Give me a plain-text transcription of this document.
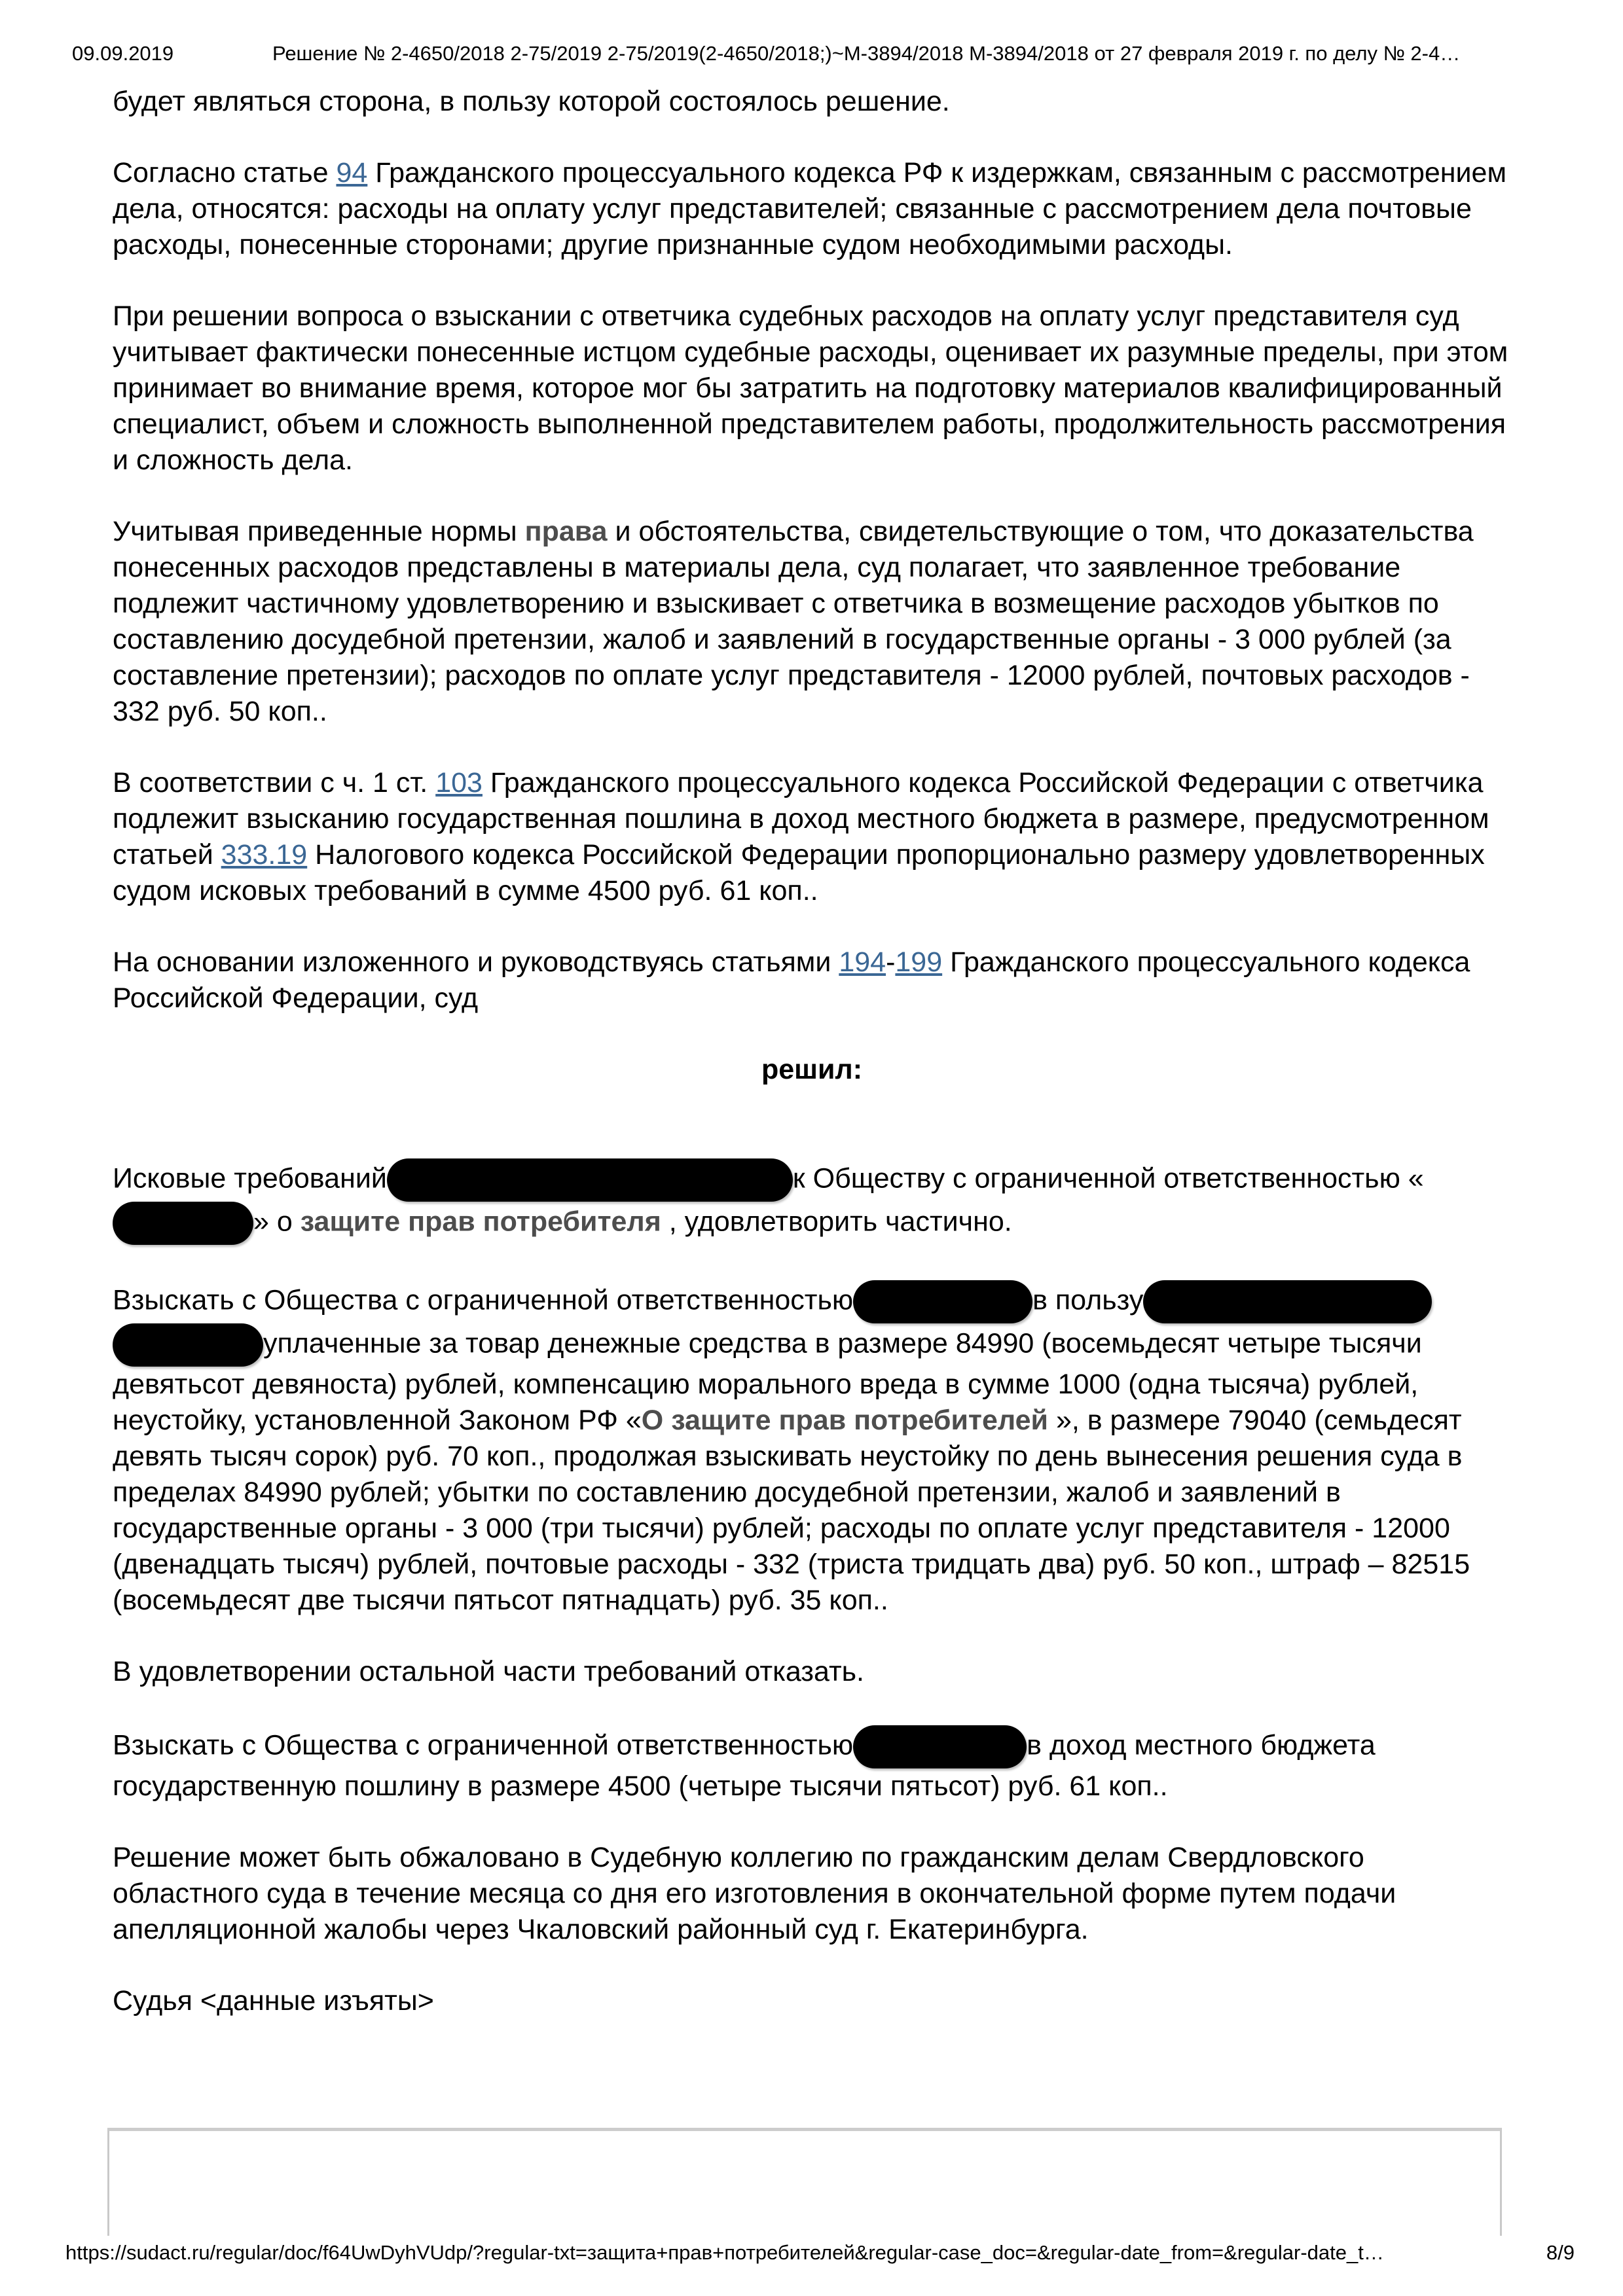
09.09.2019	Решение № 2-4650/2018 2-75/2019 2-75/2019(2-4650/2018;)~М-3894/2018 М-3894/2018 от 27 февраля 2019 г. по делу № 2-4…

будет являться сторона, в пользу которой состоялось решение.

Согласно статье 94 Гражданского процессуального кодекса РФ к издержкам, связанным с рассмотрением дела, относятся: расходы на оплату услуг представителей; связанные с рассмотрением дела почтовые расходы, понесенные сторонами; другие признанные судом необходимыми расходы.

При решении вопроса о взыскании с ответчика судебных расходов на оплату услуг представителя суд учитывает фактически понесенные истцом судебные расходы, оценивает их разумные пределы, при этом принимает во внимание время, которое мог бы затратить на подготовку материалов квалифицированный специалист, объем и сложность выполненной представителем работы, продолжительность рассмотрения и сложность дела.

Учитывая приведенные нормы права и обстоятельства, свидетельствующие о том, что доказательства понесенных расходов представлены в материалы дела, суд полагает, что заявленное требование подлежит частичному удовлетворению и взыскивает с ответчика в возмещение расходов убытков по составлению досудебной претензии, жалоб и заявлений в государственные органы - 3 000 рублей (за составление претензии); расходов по оплате услуг представителя - 12000 рублей, почтовых расходов - 332 руб. 50 коп..

В соответствии с ч. 1 ст. 103 Гражданского процессуального кодекса Российской Федерации с ответчика подлежит взысканию государственная пошлина в доход местного бюджета в размере, предусмотренном статьей 333.19 Налогового кодекса Российской Федерации пропорционально размеру удовлетворенных судом исковых требований в сумме 4500 руб. 61 коп..

На основании изложенного и руководствуясь статьями 194-199 Гражданского процессуального кодекса Российской Федерации, суд

решил:

Исковые требований	к Обществу с ограниченной ответственностью «» о защите прав потребителя , удовлетворить частично.

Взыскать с Общества с ограниченной ответственностью	в пользу уплаченные за товар денежные средства в размере 84990 (восемьдесят четыре тысячи девятьсот девяноста) рублей, компенсацию морального вреда в сумме 1000 (одна тысяча) рублей, неустойку, установленной Законом РФ «О защите прав потребителей », в размере 79040 (семьдесят девять тысяч сорок) руб. 70 коп., продолжая взыскивать неустойку по день вынесения решения суда в пределах 84990 рублей; убытки по составлению досудебной претензии, жалоб и заявлений в государственные органы - 3 000 (три тысячи) рублей; расходы по оплате услуг представителя - 12000 (двенадцать тысяч) рублей, почтовые расходы - 332 (триста тридцать два) руб. 50 коп., штраф – 82515 (восемьдесят две тысячи пятьсот пятнадцать) руб. 35 коп..

В удовлетворении остальной части требований отказать.

Взыскать с Общества с ограниченной ответственностью	в доход местного бюджета государственную пошлину в размере 4500 (четыре тысячи пятьсот) руб. 61 коп..

Решение может быть обжаловано в Судебную коллегию по гражданским делам Свердловского областного суда в течение месяца со дня его изготовления в окончательной форме путем подачи апелляционной жалобы через Чкаловский районный суд г. Екатеринбурга.

Судья <данные изъяты>

https://sudact.ru/regular/doc/f64UwDyhVUdp/?regular-txt=защита+прав+потребителей&regular-case_doc=&regular-date_from=&regular-date_t…	8/9
